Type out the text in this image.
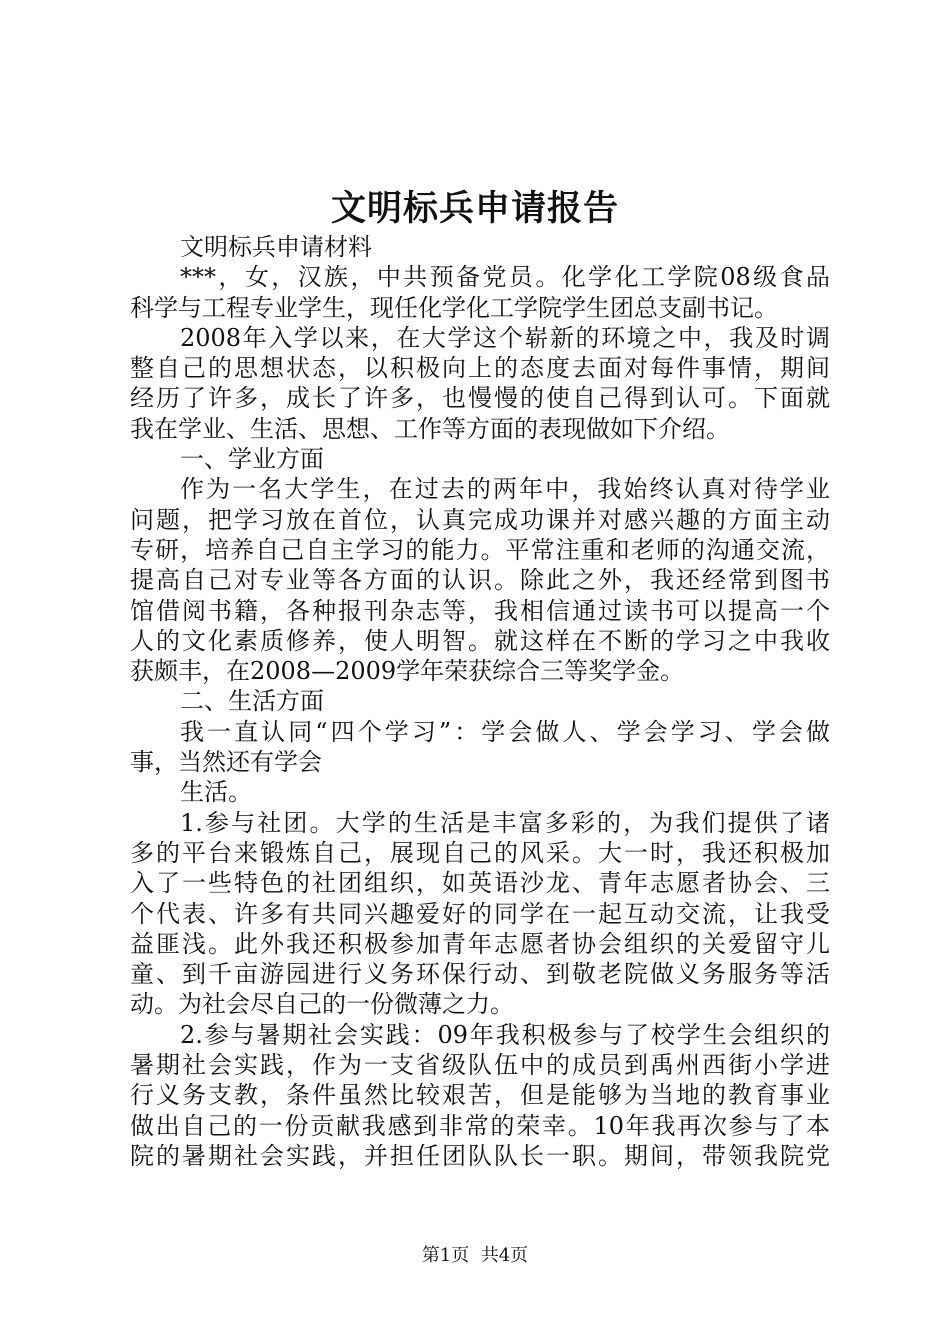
文明标兵申请报告
文明标兵申请材料
***，女，汉族，中共预备党员。化学化工学院08级食品
科学与工程专业学生，现任化学化工学院学生团总支副书记。
2008年入学以来，在大学这个崭新的环境之中，我及时调
整自己的思想状态，以积极向上的态度去面对每件事情，期间
经历了许多，成长了许多，也慢慢的使自己得到认可。下面就
我在学业、生活、思想、工作等方面的表现做如下介绍。
一、学业方面
作为一名大学生，在过去的两年中，我始终认真对待学业
问题，把学习放在首位，认真完成功课并对感兴趣的方面主动
专研，培养自己自主学习的能力。平常注重和老师的沟通交流，
提高自己对专业等各方面的认识。除此之外，我还经常到图书
馆借阅书籍，各种报刊杂志等，我相信通过读书可以提高一个
人的文化素质修养，使人明智。就这样在不断的学习之中我收
获颇丰，在2008—2009学年荣获综合三等奖学金。
二、生活方面
我一直认同“四个学习”：学会做人、学会学习、学会做
事，当然还有学会
生活。
1.参与社团。大学的生活是丰富多彩的，为我们提供了诸
多的平台来锻炼自己，展现自己的风采。大一时，我还积极加
入了一些特色的社团组织，如英语沙龙、青年志愿者协会、三
个代表、许多有共同兴趣爱好的同学在一起互动交流，让我受
益匪浅。此外我还积极参加青年志愿者协会组织的关爱留守儿
童、到千亩游园进行义务环保行动、到敬老院做义务服务等活
动。为社会尽自己的一份微薄之力。
2.参与暑期社会实践：09年我积极参与了校学生会组织的
暑期社会实践，作为一支省级队伍中的成员到禹州西街小学进
行义务支教，条件虽然比较艰苦，但是能够为当地的教育事业
做出自己的一份贡献我感到非常的荣幸。10年我再次参与了本
院的暑期社会实践，并担任团队队长一职。期间，带领我院党
第1页  共4页
